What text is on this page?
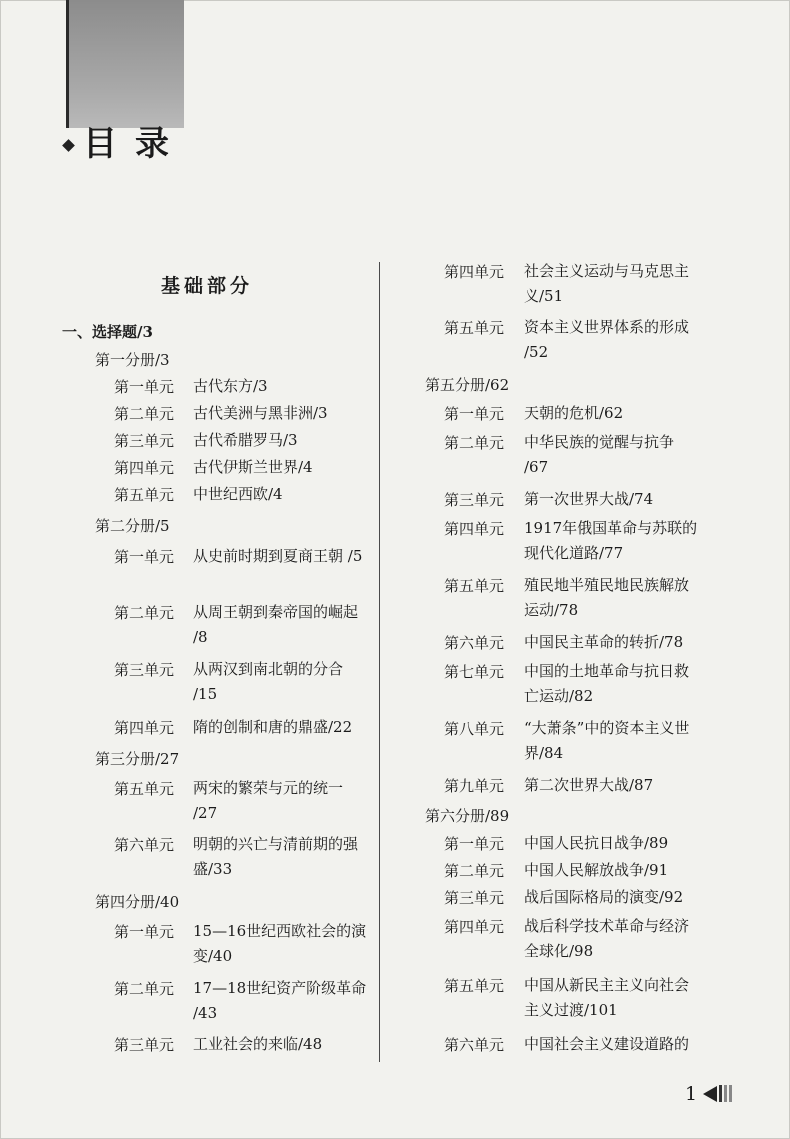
目录
基础部分
一、选择题/3
第一分册/3
第一单元 古代东方/3
第二单元 古代美洲与黑非洲/3
第三单元 古代希腊罗马/3
第四单元 古代伊斯兰世界/4
第五单元 中世纪西欧/4
第二分册/5
第一单元 从史前时期到夏商王朝 /5
第二单元 从周王朝到秦帝国的崛起 /8
第三单元 从两汉到南北朝的分合 /15
第四单元 隋的创制和唐的鼎盛/22
第三分册/27
第五单元 两宋的繁荣与元的统一 /27
第六单元 明朝的兴亡与清前期的强盛/33
第四分册/40
第一单元 15—16世纪西欧社会的演变/40
第二单元 17—18世纪资产阶级革命 /43
第三单元 工业社会的来临/48
第四单元 社会主义运动与马克思主义/51
第五单元 资本主义世界体系的形成 /52
第五分册/62
第一单元 天朝的危机/62
第二单元 中华民族的觉醒与抗争 /67
第三单元 第一次世界大战/74
第四单元 1917年俄国革命与苏联的现代化道路/77
第五单元 殖民地半殖民地民族解放运动/78
第六单元 中国民主革命的转折/78
第七单元 中国的土地革命与抗日救亡运动/82
第八单元 “大萧条”中的资本主义世界/84
第九单元 第二次世界大战/87
第六分册/89
第一单元 中国人民抗日战争/89
第二单元 中国人民解放战争/91
第三单元 战后国际格局的演变/92
第四单元 战后科学技术革命与经济全球化/98
第五单元 中国从新民主主义向社会主义过渡/101
第六单元 中国社会主义建设道路的
1
